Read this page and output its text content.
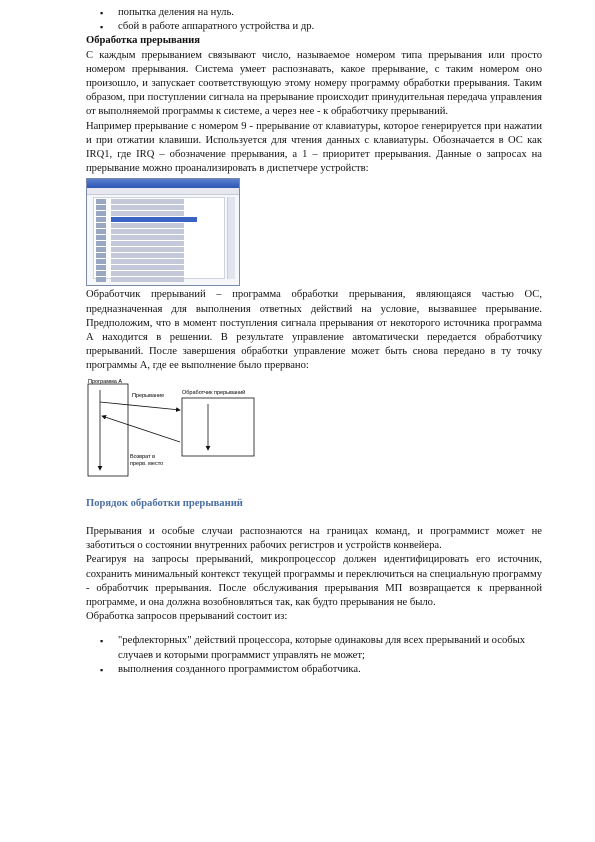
▪ попытка деления на нуль.
▪ сбой в работе аппаратного устройства и др.

Обработка прерывания

С каждым прерыванием связывают число, называемое номером типа прерывания или просто номером прерывания. Система умеет распознавать, какое прерывание, с таким номером оно произошло, и запускает соответствующую этому номеру программу обработки прерывания. Таким образом, при поступлении сигнала на прерывание происходит принудительная передача управления от выполняемой программы к системе, а через нее - к обработчику прерываний.

Например прерывание с номером 9 - прерывание от клавиатуры, которое генерируется при нажатии и при отжатии клавиши. Используется для чтения данных с клавиатуры. Обозначается в ОС как IRQ1, где IRQ – обозначение прерывания, а 1 – приоритет прерывания. Данные о запросах на прерывание можно проанализировать в диспетчере устройств:

Обработчик прерываний – программа обработки прерывания, являющаяся частью ОС, предназначенная для выполнения ответных действий на условие, вызвавшее прерывание. Предположим, что в момент поступления сигнала прерывания от некоторого источника программа А находится в решении. В результате управление автоматически передается обработчику прерываний. После завершения обработки управление может быть снова передано в ту точку программы А, где ее выполнение было прервано:

Программа А
Обработчик прерываний
Прерывание
Возврат в
прерв. место

Порядок обработки прерываний

Прерывания и особые случаи распознаются на границах команд, и программист может не заботиться о состоянии внутренних рабочих регистров и устройств конвейера.

Реагируя на запросы прерываний, микропроцессор должен идентифицировать его источник, сохранить минимальный контекст текущей программы и переключиться на специальную программу - обработчик прерывания. После обслуживания прерывания МП возвращается к прерванной программе, и она должна возобновляться так, как будто прерывания не было.

Обработка запросов прерываний состоит из:

▪ "рефлекторных" действий процессора, которые одинаковы для всех прерываний и особых случаев и которыми программист управлять не может;
▪ выполнения созданного программистом обработчика.
